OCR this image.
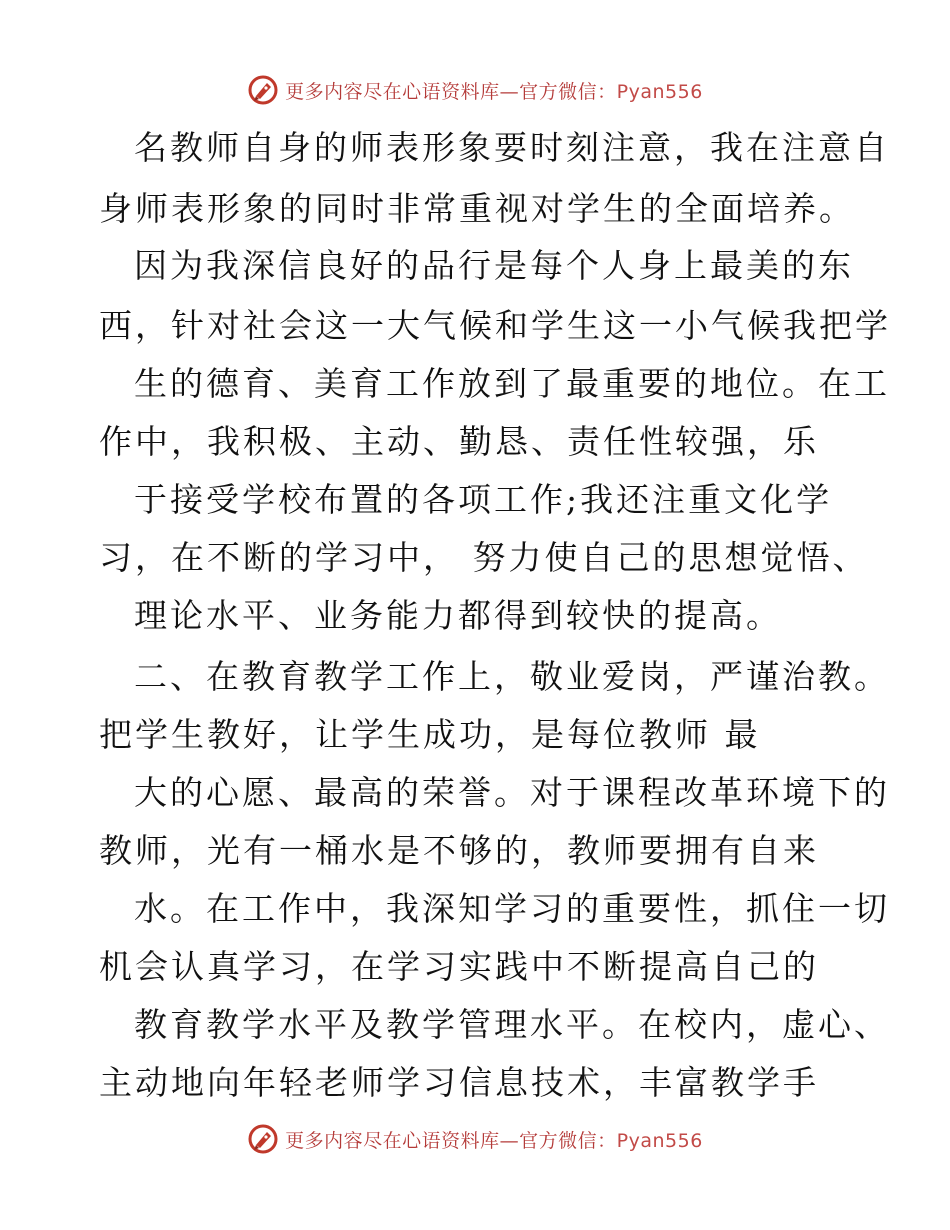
更多内容尽在心语资料库—官方微信：Pyan556
名教师自身的师表形象要时刻注意，我在注意自
身师表形象的同时非常重视对学生的全面培养。
因为我深信良好的品行是每个人身上最美的东
西，针对社会这一大气候和学生这一小气候我把学
生的德育、美育工作放到了最重要的地位。在工
作中，我积极、主动、勤恳、责任性较强，乐
于接受学校布置的各项工作;我还注重文化学
习，在不断的学习中， 努力使自己的思想觉悟、
理论水平、业务能力都得到较快的提高。
二、在教育教学工作上，敬业爱岗，严谨治教。
把学生教好，让学生成功，是每位教师 最
大的心愿、最高的荣誉。对于课程改革环境下的
教师，光有一桶水是不够的，教师要拥有自来
水。在工作中，我深知学习的重要性，抓住一切
机会认真学习，在学习实践中不断提高自己的
教育教学水平及教学管理水平。在校内，虚心、
主动地向年轻老师学习信息技术，丰富教学手
更多内容尽在心语资料库—官方微信：Pyan556
